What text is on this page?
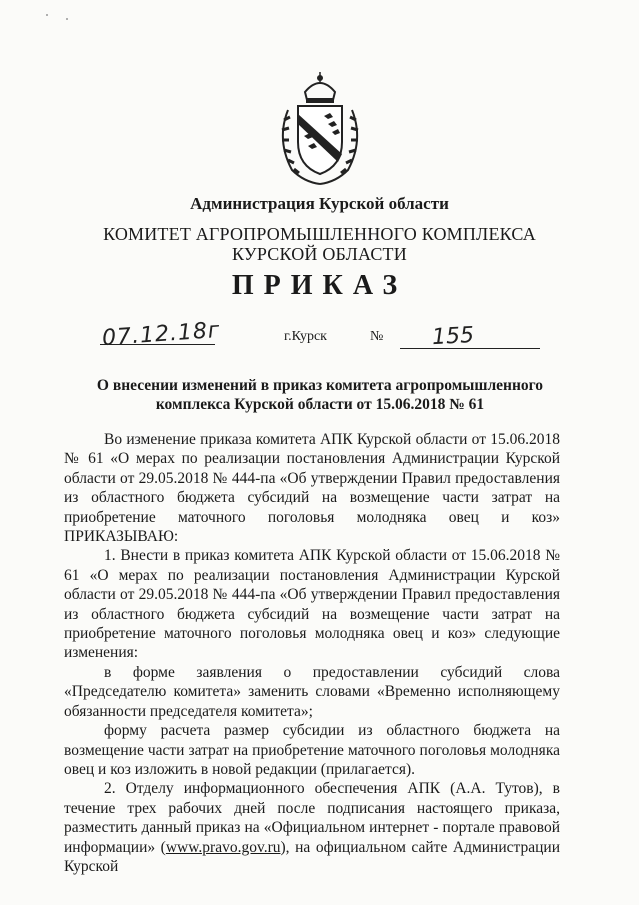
Администрация Курской области
КОМИТЕТ АГРОПРОМЫШЛЕННОГО КОМПЛЕКСА
КУРСКОЙ ОБЛАСТИ
ПРИКАЗ
07.12.18г	г.Курск	№ 155
О внесении изменений в приказ комитета агропромышленного
комплекса Курской области от 15.06.2018 № 61

Во изменение приказа комитета АПК Курской области от 15.06.2018 № 61 «О мерах по реализации постановления Администрации Курской области от 29.05.2018 № 444-па «Об утверждении Правил предоставления из областного бюджета субсидий на возмещение части затрат на приобретение маточного поголовья молодняка овец и коз» ПРИКАЗЫВАЮ:

1. Внести в приказ комитета АПК Курской области от 15.06.2018 № 61 «О мерах по реализации постановления Администрации Курской области от 29.05.2018 № 444-па «Об утверждении Правил предоставления из областного бюджета субсидий на возмещение части затрат на приобретение маточного поголовья молодняка овец и коз» следующие изменения:

в форме заявления о предоставлении субсидий слова «Председателю комитета» заменить словами «Временно исполняющему обязанности председателя комитета»;

форму расчета размер субсидии из областного бюджета на возмещение части затрат на приобретение маточного поголовья молодняка овец и коз изложить в новой редакции (прилагается).

2. Отделу информационного обеспечения АПК (А.А. Тутов), в течение трех рабочих дней после подписания настоящего приказа, разместить данный приказ на «Официальном интернет - портале правовой информации» (www.pravo.gov.ru), на официальном сайте Администрации Курской
